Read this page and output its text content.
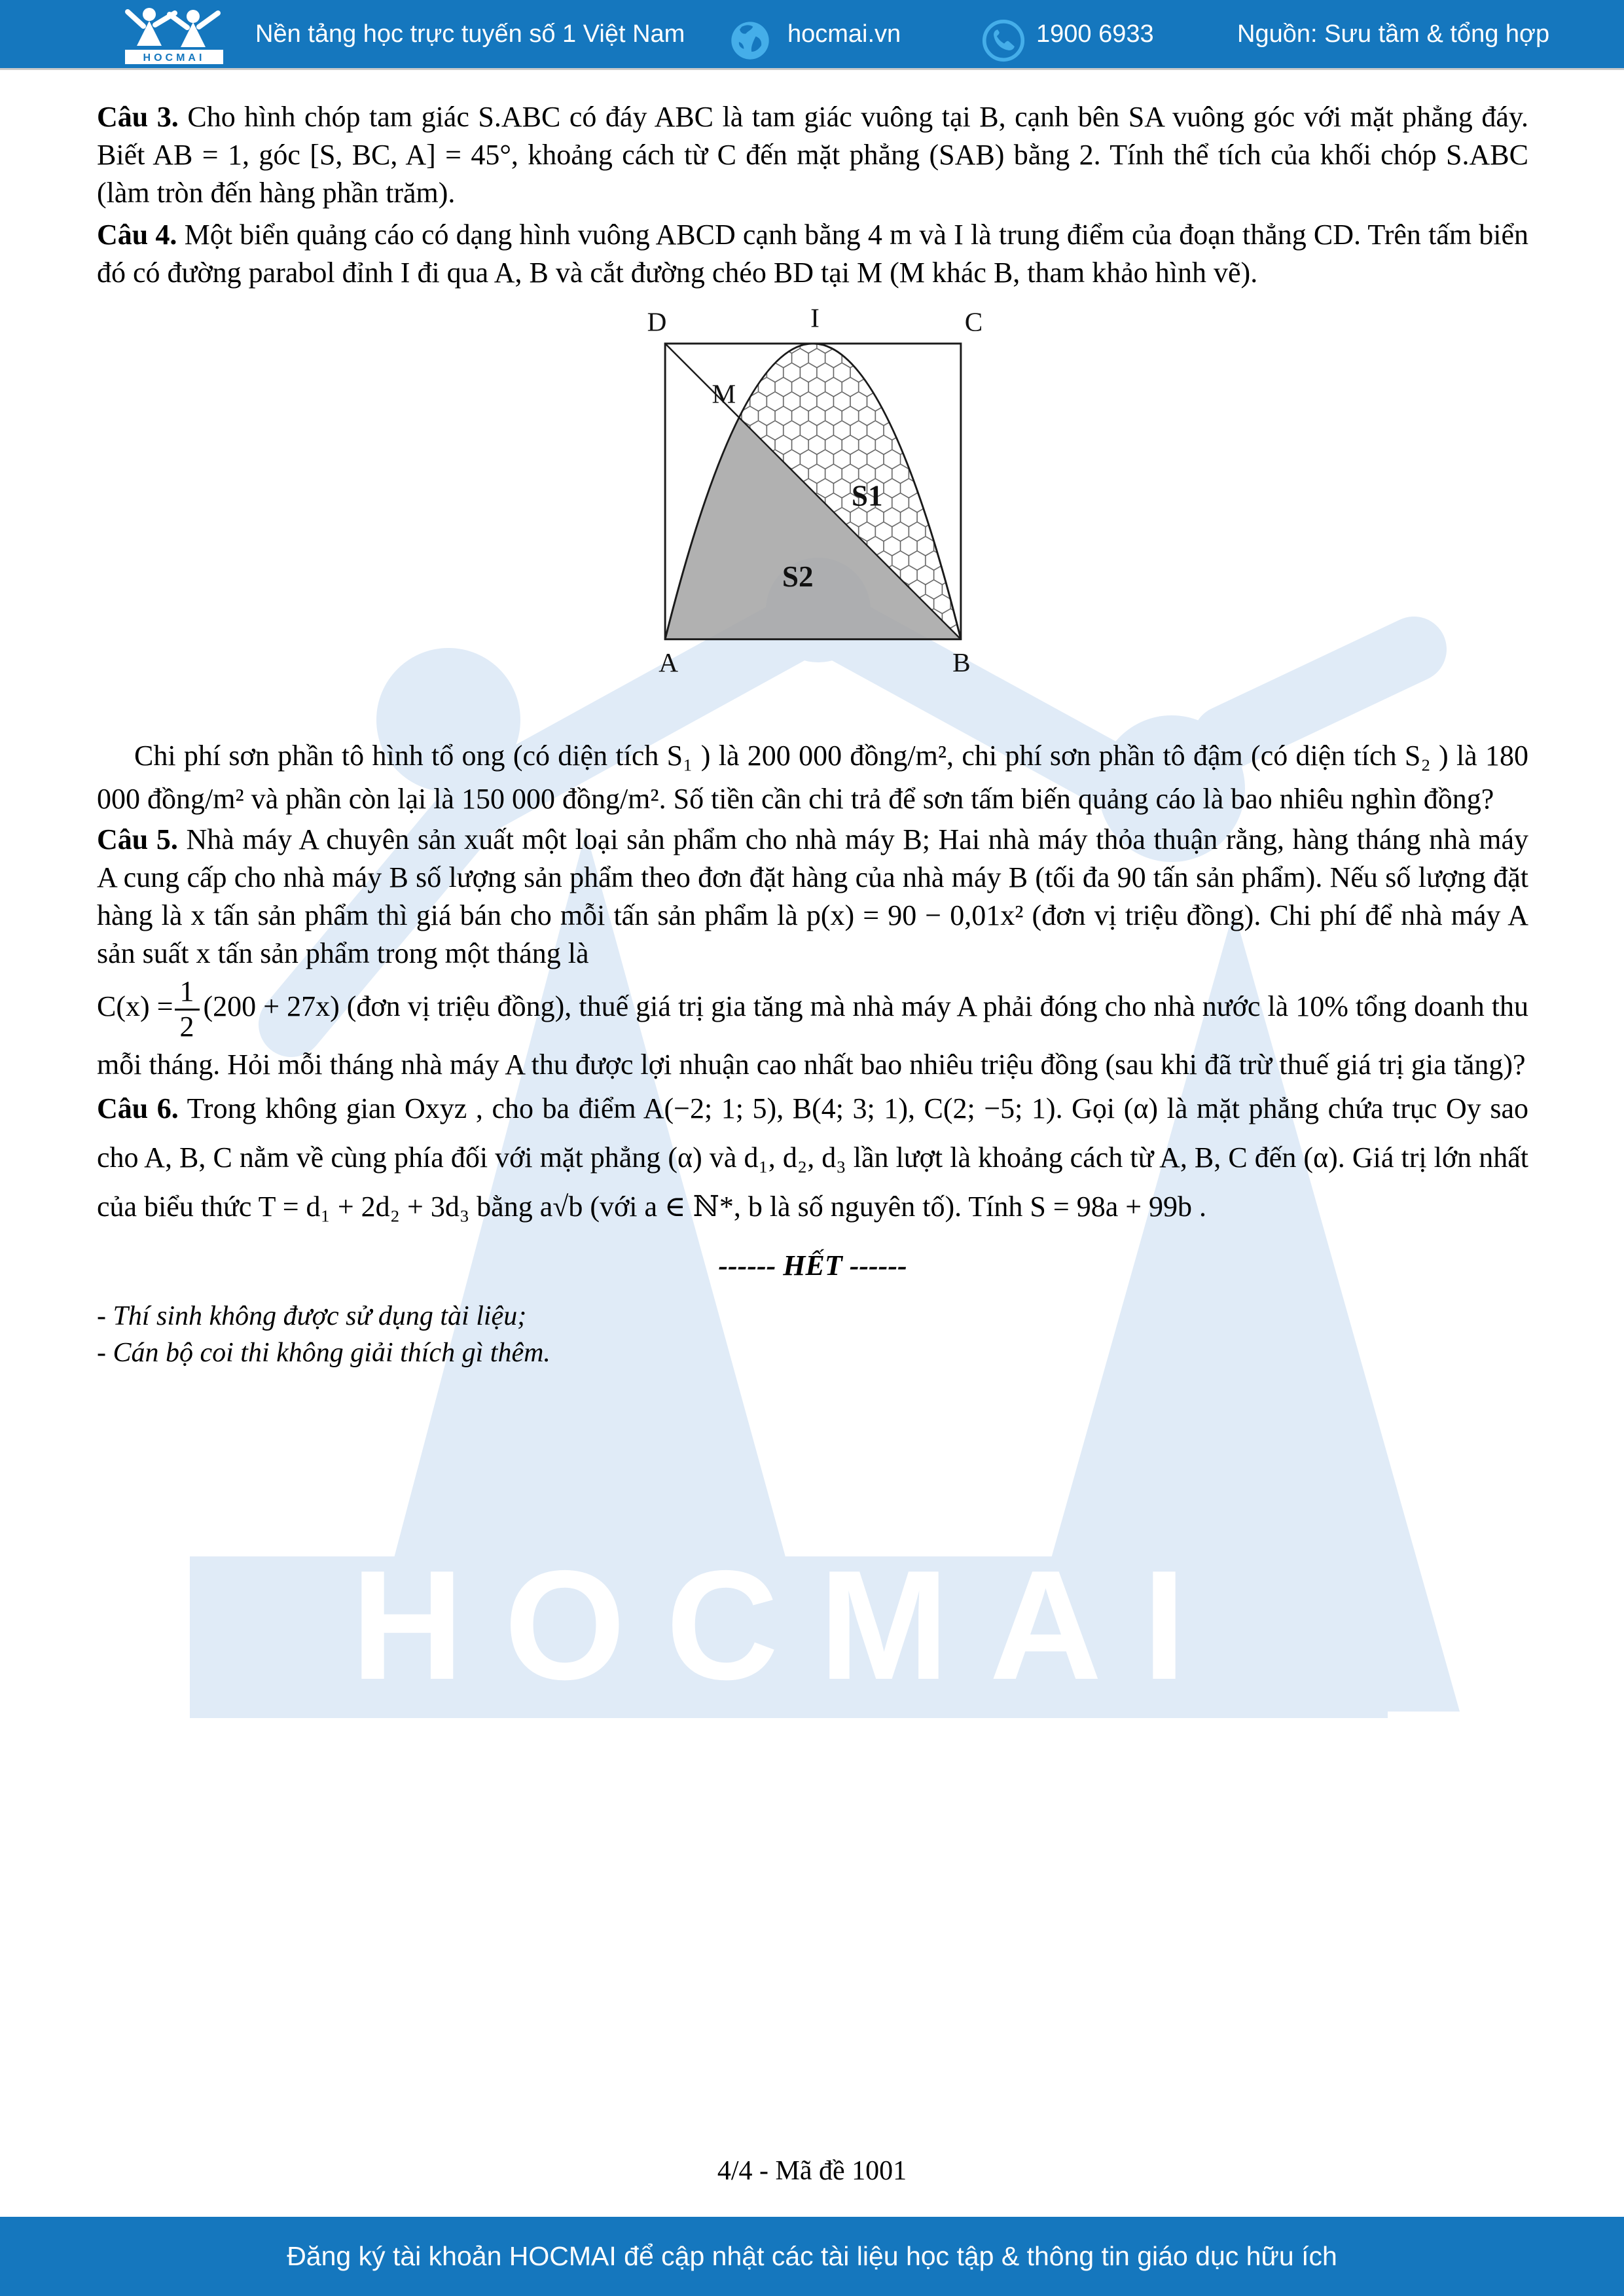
HOCMAI
HOCMAI
Nền tảng học trực tuyến số 1 Việt Nam	hocmai.vn	1900 6933	Nguồn: Sưu tầm & tổng hợp

Câu 3. Cho hình chóp tam giác S.ABC có đáy ABC là tam giác vuông tại B, cạnh bên SA vuông góc với mặt phẳng đáy. Biết AB = 1, góc [S, BC, A] = 45°, khoảng cách từ C đến mặt phẳng (SAB) bằng 2. Tính thể tích của khối chóp S.ABC (làm tròn đến hàng phần trăm).

Câu 4. Một biển quảng cáo có dạng hình vuông ABCD cạnh bằng 4 m và I là trung điểm của đoạn thẳng CD. Trên tấm biển đó có đường parabol đỉnh I đi qua A, B và cắt đường chéo BD tại M (M khác B, tham khảo hình vẽ).

D	I	C
M
A	B
S1
S2

Chi phí sơn phần tô hình tổ ong (có diện tích S₁ ) là 200 000 đồng/m², chi phí sơn phần tô đậm (có diện tích S₂ ) là 180 000 đồng/m² và phần còn lại là 150 000 đồng/m². Số tiền cần chi trả để sơn tấm biến quảng cáo là bao nhiêu nghìn đồng?

Câu 5. Nhà máy A chuyên sản xuất một loại sản phẩm cho nhà máy B; Hai nhà máy thỏa thuận rằng, hàng tháng nhà máy A cung cấp cho nhà máy B số lượng sản phẩm theo đơn đặt hàng của nhà máy B (tối đa 90 tấn sản phẩm). Nếu số lượng đặt hàng là x tấn sản phẩm thì giá bán cho mỗi tấn sản phẩm là p(x) = 90 − 0,01x² (đơn vị triệu đồng). Chi phí để nhà máy A sản suất x tấn sản phẩm trong một tháng là

$C(x) = \frac{1}{2} (200 + 27x)$ (đơn vị triệu đồng), thuế giá trị gia tăng mà nhà máy A phải đóng cho nhà nước là 10% tổng doanh thu mỗi tháng. Hỏi mỗi tháng nhà máy A thu được lợi nhuận cao nhất bao nhiêu triệu đồng (sau khi đã trừ thuế giá trị gia tăng)?

Câu 6. Trong không gian Oxyz , cho ba điểm A(−2; 1; 5), B(4; 3; 1), C(2; −5; 1). Gọi (α) là mặt phẳng chứa trục Oy sao cho A, B, C nằm về cùng phía đối với mặt phẳng (α) và d₁, d₂, d₃ lần lượt là khoảng cách từ A, B, C đến (α). Giá trị lớn nhất của biểu thức T = d₁ + 2d₂ + 3d₃ bằng a√b (với a ∈ ℕ*, b là số nguyên tố). Tính S = 98a + 99b .

------ HẾT ------
- Thí sinh không được sử dụng tài liệu;
- Cán bộ coi thi không giải thích gì thêm.
4/4 - Mã đề 1001
Đăng ký tài khoản HOCMAI để cập nhật các tài liệu học tập & thông tin giáo dục hữu ích
